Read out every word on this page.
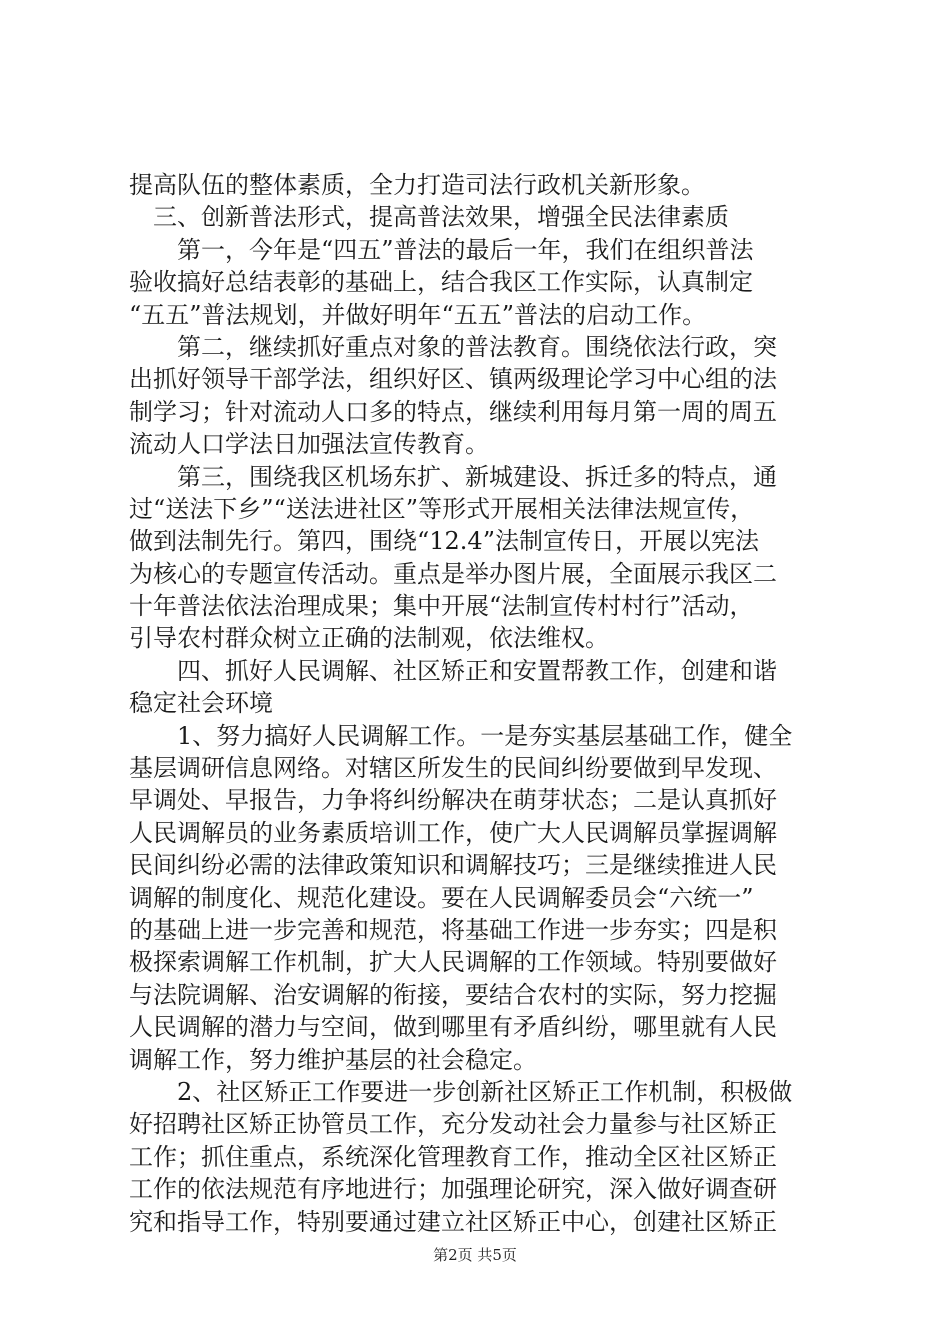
提高队伍的整体素质，全力打造司法行政机关新形象。
　三、创新普法形式，提高普法效果，增强全民法律素质
　　第一，今年是“四五”普法的最后一年，我们在组织普法
验收搞好总结表彰的基础上，结合我区工作实际，认真制定
“五五”普法规划，并做好明年“五五”普法的启动工作。
　　第二，继续抓好重点对象的普法教育。围绕依法行政，突
出抓好领导干部学法，组织好区、镇两级理论学习中心组的法
制学习；针对流动人口多的特点，继续利用每月第一周的周五
流动人口学法日加强法宣传教育。
　　第三，围绕我区机场东扩、新城建设、拆迁多的特点，通
过“送法下乡”“送法进社区”等形式开展相关法律法规宣传，
做到法制先行。第四，围绕“12.4”法制宣传日，开展以宪法
为核心的专题宣传活动。重点是举办图片展，全面展示我区二
十年普法依法治理成果；集中开展“法制宣传村村行”活动，
引导农村群众树立正确的法制观，依法维权。
　　四、抓好人民调解、社区矫正和安置帮教工作，创建和谐
稳定社会环境
　　1、努力搞好人民调解工作。一是夯实基层基础工作，健全
基层调研信息网络。对辖区所发生的民间纠纷要做到早发现、
早调处、早报告，力争将纠纷解决在萌芽状态；二是认真抓好
人民调解员的业务素质培训工作，使广大人民调解员掌握调解
民间纠纷必需的法律政策知识和调解技巧；三是继续推进人民
调解的制度化、规范化建设。要在人民调解委员会“六统一”
的基础上进一步完善和规范，将基础工作进一步夯实；四是积
极探索调解工作机制，扩大人民调解的工作领域。特别要做好
与法院调解、治安调解的衔接，要结合农村的实际，努力挖掘
人民调解的潜力与空间，做到哪里有矛盾纠纷，哪里就有人民
调解工作，努力维护基层的社会稳定。
　　2、社区矫正工作要进一步创新社区矫正工作机制，积极做
好招聘社区矫正协管员工作，充分发动社会力量参与社区矫正
工作；抓住重点，系统深化管理教育工作，推动全区社区矫正
工作的依法规范有序地进行；加强理论研究，深入做好调查研
究和指导工作，特别要通过建立社区矫正中心，创建社区矫正
第2页 共5页
